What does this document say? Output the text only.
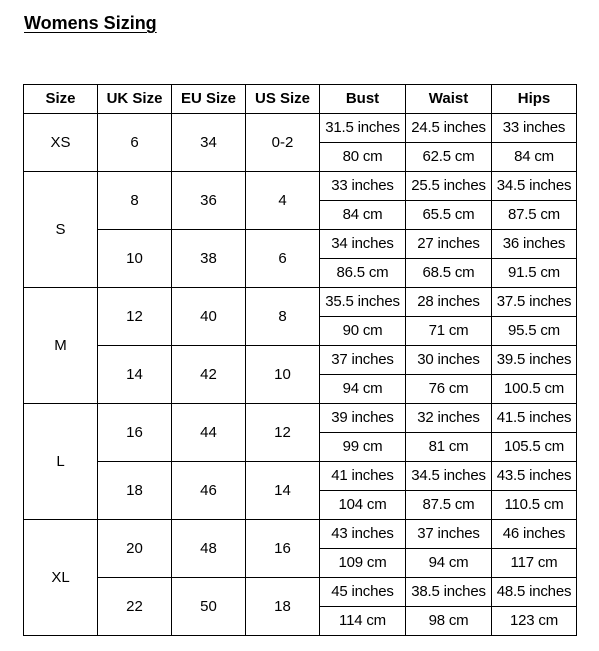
Womens Sizing
Size	UK Size	EU Size	US Size	Bust	Waist	Hips
XS	6	34	0-2	31.5 inches	24.5 inches	33 inches
				80 cm	62.5 cm	84 cm
S	8	36	4	33 inches	25.5 inches	34.5 inches
				84 cm	65.5 cm	87.5 cm
	10	38	6	34 inches	27 inches	36 inches
				86.5 cm	68.5 cm	91.5 cm
M	12	40	8	35.5 inches	28 inches	37.5 inches
				90 cm	71 cm	95.5 cm
	14	42	10	37 inches	30 inches	39.5 inches
				94 cm	76 cm	100.5 cm
L	16	44	12	39 inches	32 inches	41.5 inches
				99 cm	81 cm	105.5 cm
	18	46	14	41 inches	34.5 inches	43.5 inches
				104 cm	87.5 cm	110.5 cm
XL	20	48	16	43 inches	37 inches	46 inches
				109 cm	94 cm	117 cm
	22	50	18	45 inches	38.5 inches	48.5 inches
				114 cm	98 cm	123 cm
